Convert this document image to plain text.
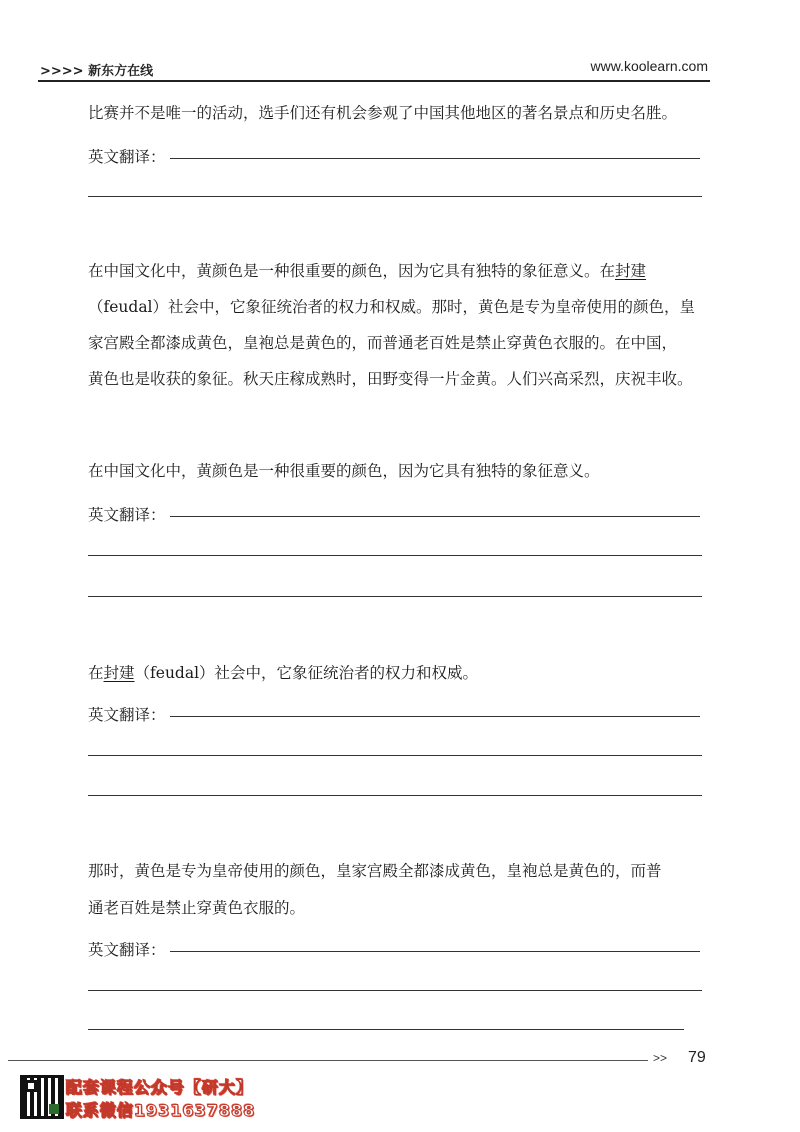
>>>> 新东方在线	www.koolearn.com
比赛并不是唯一的活动，选手们还有机会参观了中国其他地区的著名景点和历史名胜。
英文翻译：
在中国文化中，黄颜色是一种很重要的颜色，因为它具有独特的象征意义。在封建
（feudal）社会中，它象征统治者的权力和权威。那时，黄色是专为皇帝使用的颜色，皇
家宫殿全都漆成黄色，皇袍总是黄色的，而普通老百姓是禁止穿黄色衣服的。在中国，
黄色也是收获的象征。秋天庄稼成熟时，田野变得一片金黄。人们兴高采烈，庆祝丰收。
在中国文化中，黄颜色是一种很重要的颜色，因为它具有独特的象征意义。
英文翻译：
在封建（feudal）社会中，它象征统治者的权力和权威。
英文翻译：
那时，黄色是专为皇帝使用的颜色，皇家宫殿全都漆成黄色，皇袍总是黄色的，而普
通老百姓是禁止穿黄色衣服的。
英文翻译：
>> 79
配套课程公众号【研大】
联系微信1931637888
